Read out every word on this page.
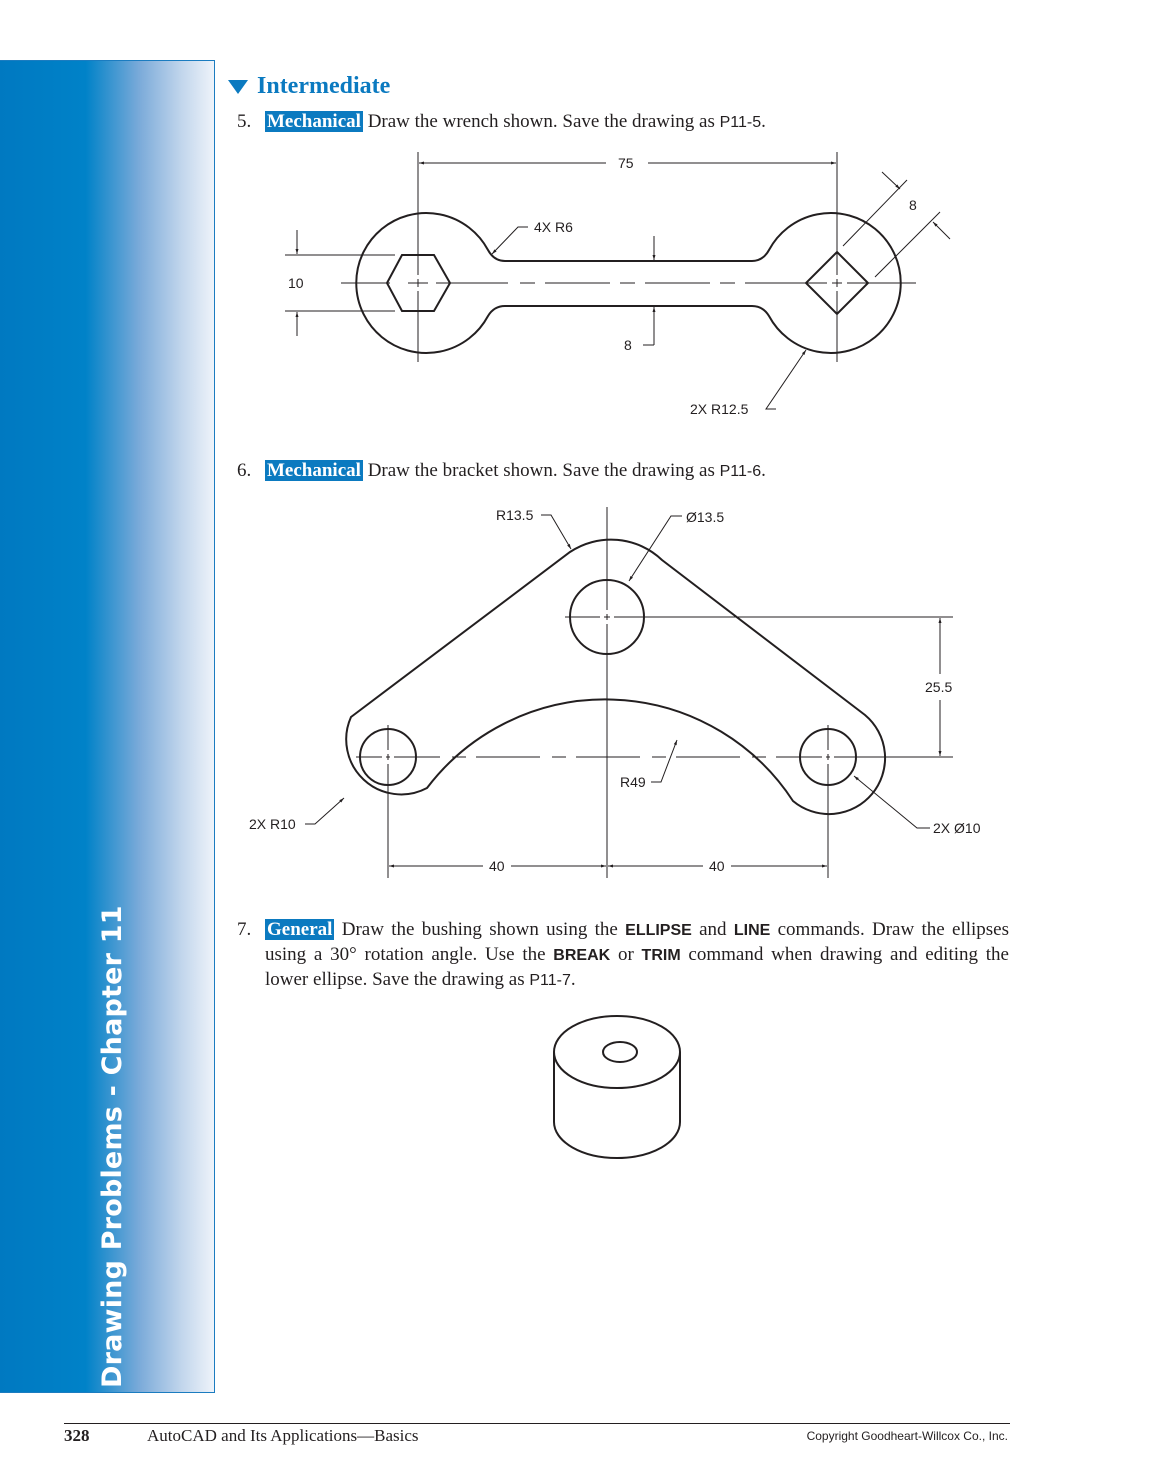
Drawing Problems - Chapter 11
Intermediate
5. Mechanical Draw the wrench shown. Save the drawing as P11-5.
6. Mechanical Draw the bracket shown. Save the drawing as P11-6.
7. General Draw the bushing shown using the ELLIPSE and LINE commands. Draw the ellipses using a 30° rotation angle. Use the BREAK or TRIM command when drawing and editing the lower ellipse. Save the drawing as P11-7.
75
4X R6
8
10
8
2X R12.5
R13.5	Ø13.5
25.5
R49
2X R10	2X Ø10
40	40
328	AutoCAD and Its Applications—Basics	Copyright Goodheart-Willcox Co., Inc.
